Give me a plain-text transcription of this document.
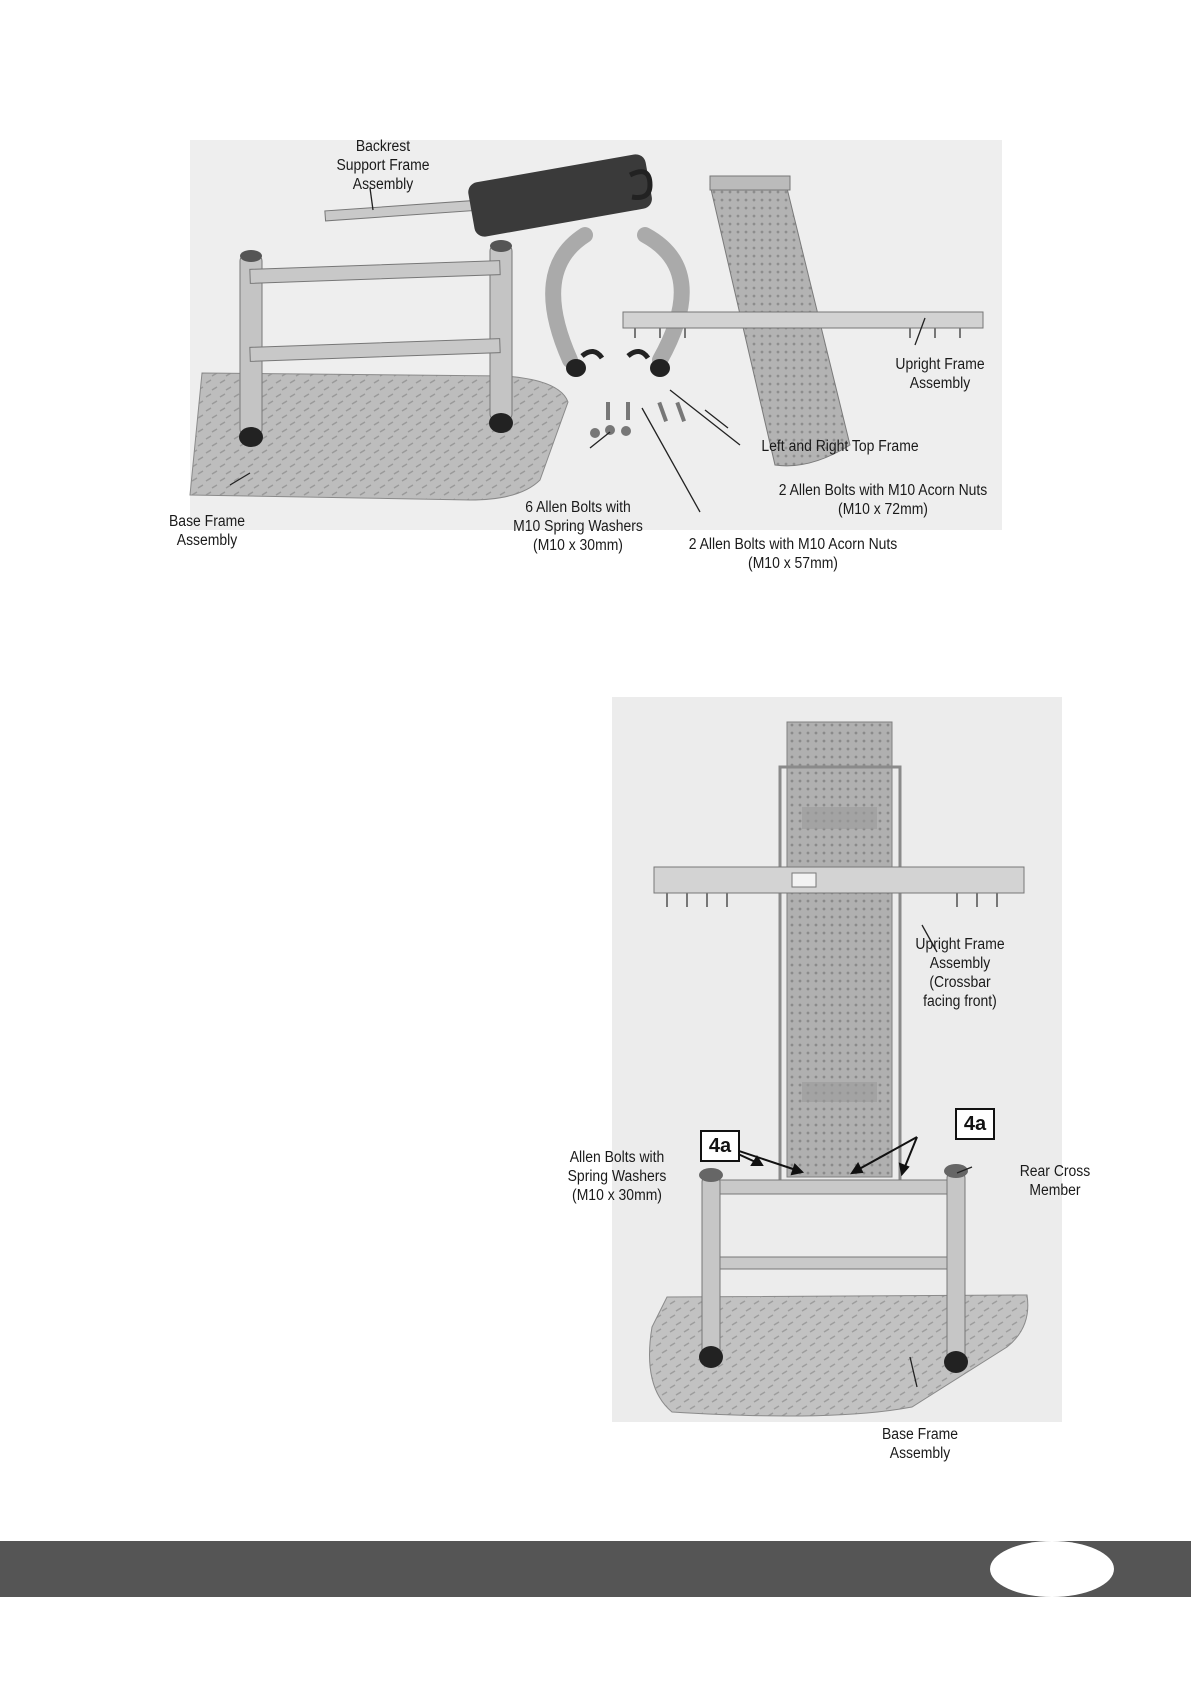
Backrest
Support Frame
Assembly
Upright Frame
Assembly
Left and Right Top Frame
2 Allen Bolts with M10 Acorn Nuts
(M10 x 72mm)
6 Allen Bolts with
M10 Spring Washers
(M10 x 30mm)	2 Allen Bolts with M10 Acorn Nuts
(M10 x 57mm)
Base Frame
Assembly
4a
4a
Upright Frame
Assembly
(Crossbar
facing front)
Allen Bolts with
Spring Washers
(M10 x 30mm)
Rear Cross
Member
Base Frame
Assembly
